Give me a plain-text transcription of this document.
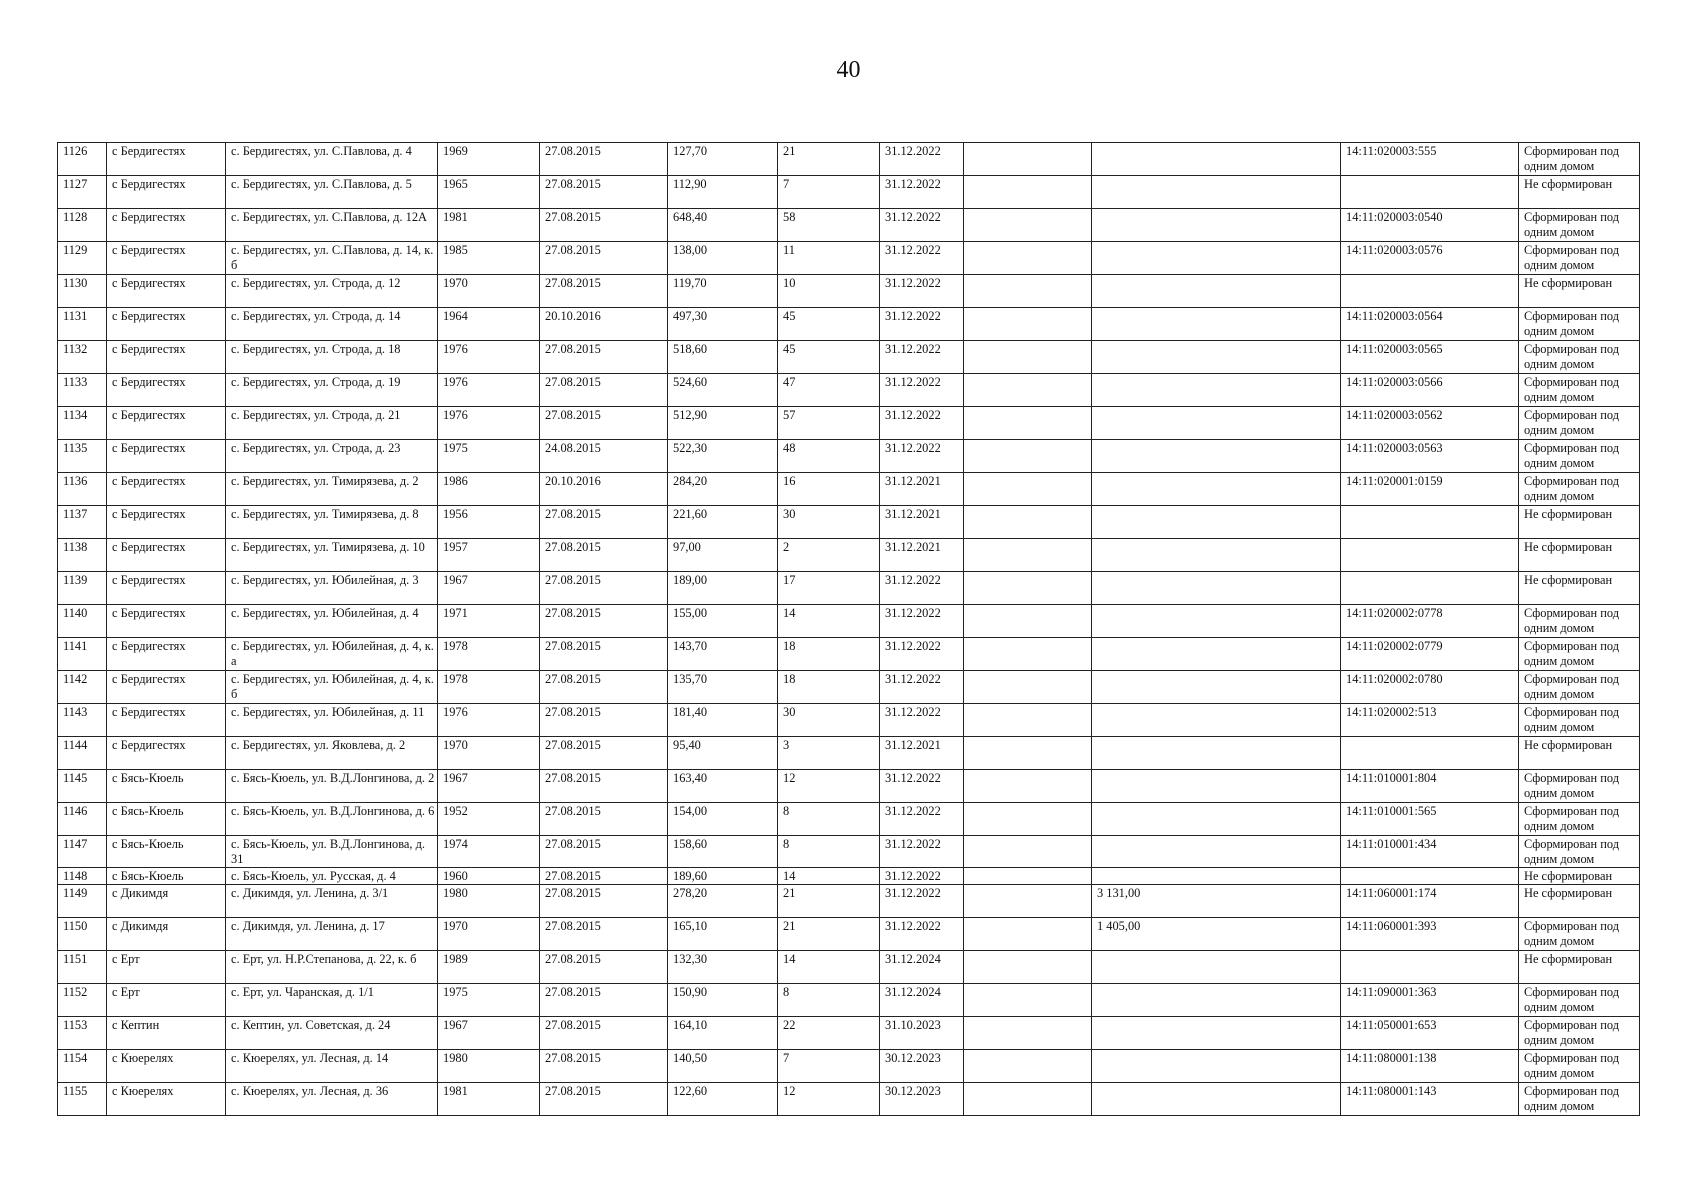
40
1126	с Бердигестях	с. Бердигестях, ул. С.Павлова, д. 4	1969	27.08.2015	127,70	21	31.12.2022			14:11:020003:555	Сформирован под одним домом
1127	с Бердигестях	с. Бердигестях, ул. С.Павлова, д. 5	1965	27.08.2015	112,90	7	31.12.2022				Не сформирован
1128	с Бердигестях	с. Бердигестях, ул. С.Павлова, д. 12А	1981	27.08.2015	648,40	58	31.12.2022			14:11:020003:0540	Сформирован под одним домом
1129	с Бердигестях	с. Бердигестях, ул. С.Павлова, д. 14, к. б	1985	27.08.2015	138,00	11	31.12.2022			14:11:020003:0576	Сформирован под одним домом
1130	с Бердигестях	с. Бердигестях, ул. Строда, д. 12	1970	27.08.2015	119,70	10	31.12.2022				Не сформирован
1131	с Бердигестях	с. Бердигестях, ул. Строда, д. 14	1964	20.10.2016	497,30	45	31.12.2022			14:11:020003:0564	Сформирован под одним домом
1132	с Бердигестях	с. Бердигестях, ул. Строда, д. 18	1976	27.08.2015	518,60	45	31.12.2022			14:11:020003:0565	Сформирован под одним домом
1133	с Бердигестях	с. Бердигестях, ул. Строда, д. 19	1976	27.08.2015	524,60	47	31.12.2022			14:11:020003:0566	Сформирован под одним домом
1134	с Бердигестях	с. Бердигестях, ул. Строда, д. 21	1976	27.08.2015	512,90	57	31.12.2022			14:11:020003:0562	Сформирован под одним домом
1135	с Бердигестях	с. Бердигестях, ул. Строда, д. 23	1975	24.08.2015	522,30	48	31.12.2022			14:11:020003:0563	Сформирован под одним домом
1136	с Бердигестях	с. Бердигестях, ул. Тимирязева, д. 2	1986	20.10.2016	284,20	16	31.12.2021			14:11:020001:0159	Сформирован под одним домом
1137	с Бердигестях	с. Бердигестях, ул. Тимирязева, д. 8	1956	27.08.2015	221,60	30	31.12.2021				Не сформирован
1138	с Бердигестях	с. Бердигестях, ул. Тимирязева, д. 10	1957	27.08.2015	97,00	2	31.12.2021				Не сформирован
1139	с Бердигестях	с. Бердигестях, ул. Юбилейная, д. 3	1967	27.08.2015	189,00	17	31.12.2022				Не сформирован
1140	с Бердигестях	с. Бердигестях, ул. Юбилейная, д. 4	1971	27.08.2015	155,00	14	31.12.2022			14:11:020002:0778	Сформирован под одним домом
1141	с Бердигестях	с. Бердигестях, ул. Юбилейная, д. 4, к. а	1978	27.08.2015	143,70	18	31.12.2022			14:11:020002:0779	Сформирован под одним домом
1142	с Бердигестях	с. Бердигестях, ул. Юбилейная, д. 4, к. б	1978	27.08.2015	135,70	18	31.12.2022			14:11:020002:0780	Сформирован под одним домом
1143	с Бердигестях	с. Бердигестях, ул. Юбилейная, д. 11	1976	27.08.2015	181,40	30	31.12.2022			14:11:020002:513	Сформирован под одним домом
1144	с Бердигестях	с. Бердигестях, ул. Яковлева, д. 2	1970	27.08.2015	95,40	3	31.12.2021				Не сформирован
1145	с Бясь-Кюель	с. Бясь-Кюель, ул. В.Д.Лонгинова, д. 2	1967	27.08.2015	163,40	12	31.12.2022			14:11:010001:804	Сформирован под одним домом
1146	с Бясь-Кюель	с. Бясь-Кюель, ул. В.Д.Лонгинова, д. 6	1952	27.08.2015	154,00	8	31.12.2022			14:11:010001:565	Сформирован под одним домом
1147	с Бясь-Кюель	с. Бясь-Кюель, ул. В.Д.Лонгинова, д. 31	1974	27.08.2015	158,60	8	31.12.2022			14:11:010001:434	Сформирован под одним домом
1148	с Бясь-Кюель	с. Бясь-Кюель, ул. Русская, д. 4	1960	27.08.2015	189,60	14	31.12.2022				Не сформирован
1149	с Дикимдя	с. Дикимдя, ул. Ленина, д. 3/1	1980	27.08.2015	278,20	21	31.12.2022		3 131,00	14:11:060001:174	Не сформирован
1150	с Дикимдя	с. Дикимдя, ул. Ленина, д. 17	1970	27.08.2015	165,10	21	31.12.2022		1 405,00	14:11:060001:393	Сформирован под одним домом
1151	с Ерт	с. Ерт, ул. Н.Р.Степанова, д. 22, к. б	1989	27.08.2015	132,30	14	31.12.2024				Не сформирован
1152	с Ерт	с. Ерт, ул. Чаранская, д. 1/1	1975	27.08.2015	150,90	8	31.12.2024			14:11:090001:363	Сформирован под одним домом
1153	с Кептин	с. Кептин, ул. Советская, д. 24	1967	27.08.2015	164,10	22	31.10.2023			14:11:050001:653	Сформирован под одним домом
1154	с Кюерелях	с. Кюерелях, ул. Лесная, д. 14	1980	27.08.2015	140,50	7	30.12.2023			14:11:080001:138	Сформирован под одним домом
1155	с Кюерелях	с. Кюерелях, ул. Лесная, д. 36	1981	27.08.2015	122,60	12	30.12.2023			14:11:080001:143	Сформирован под одним домом
